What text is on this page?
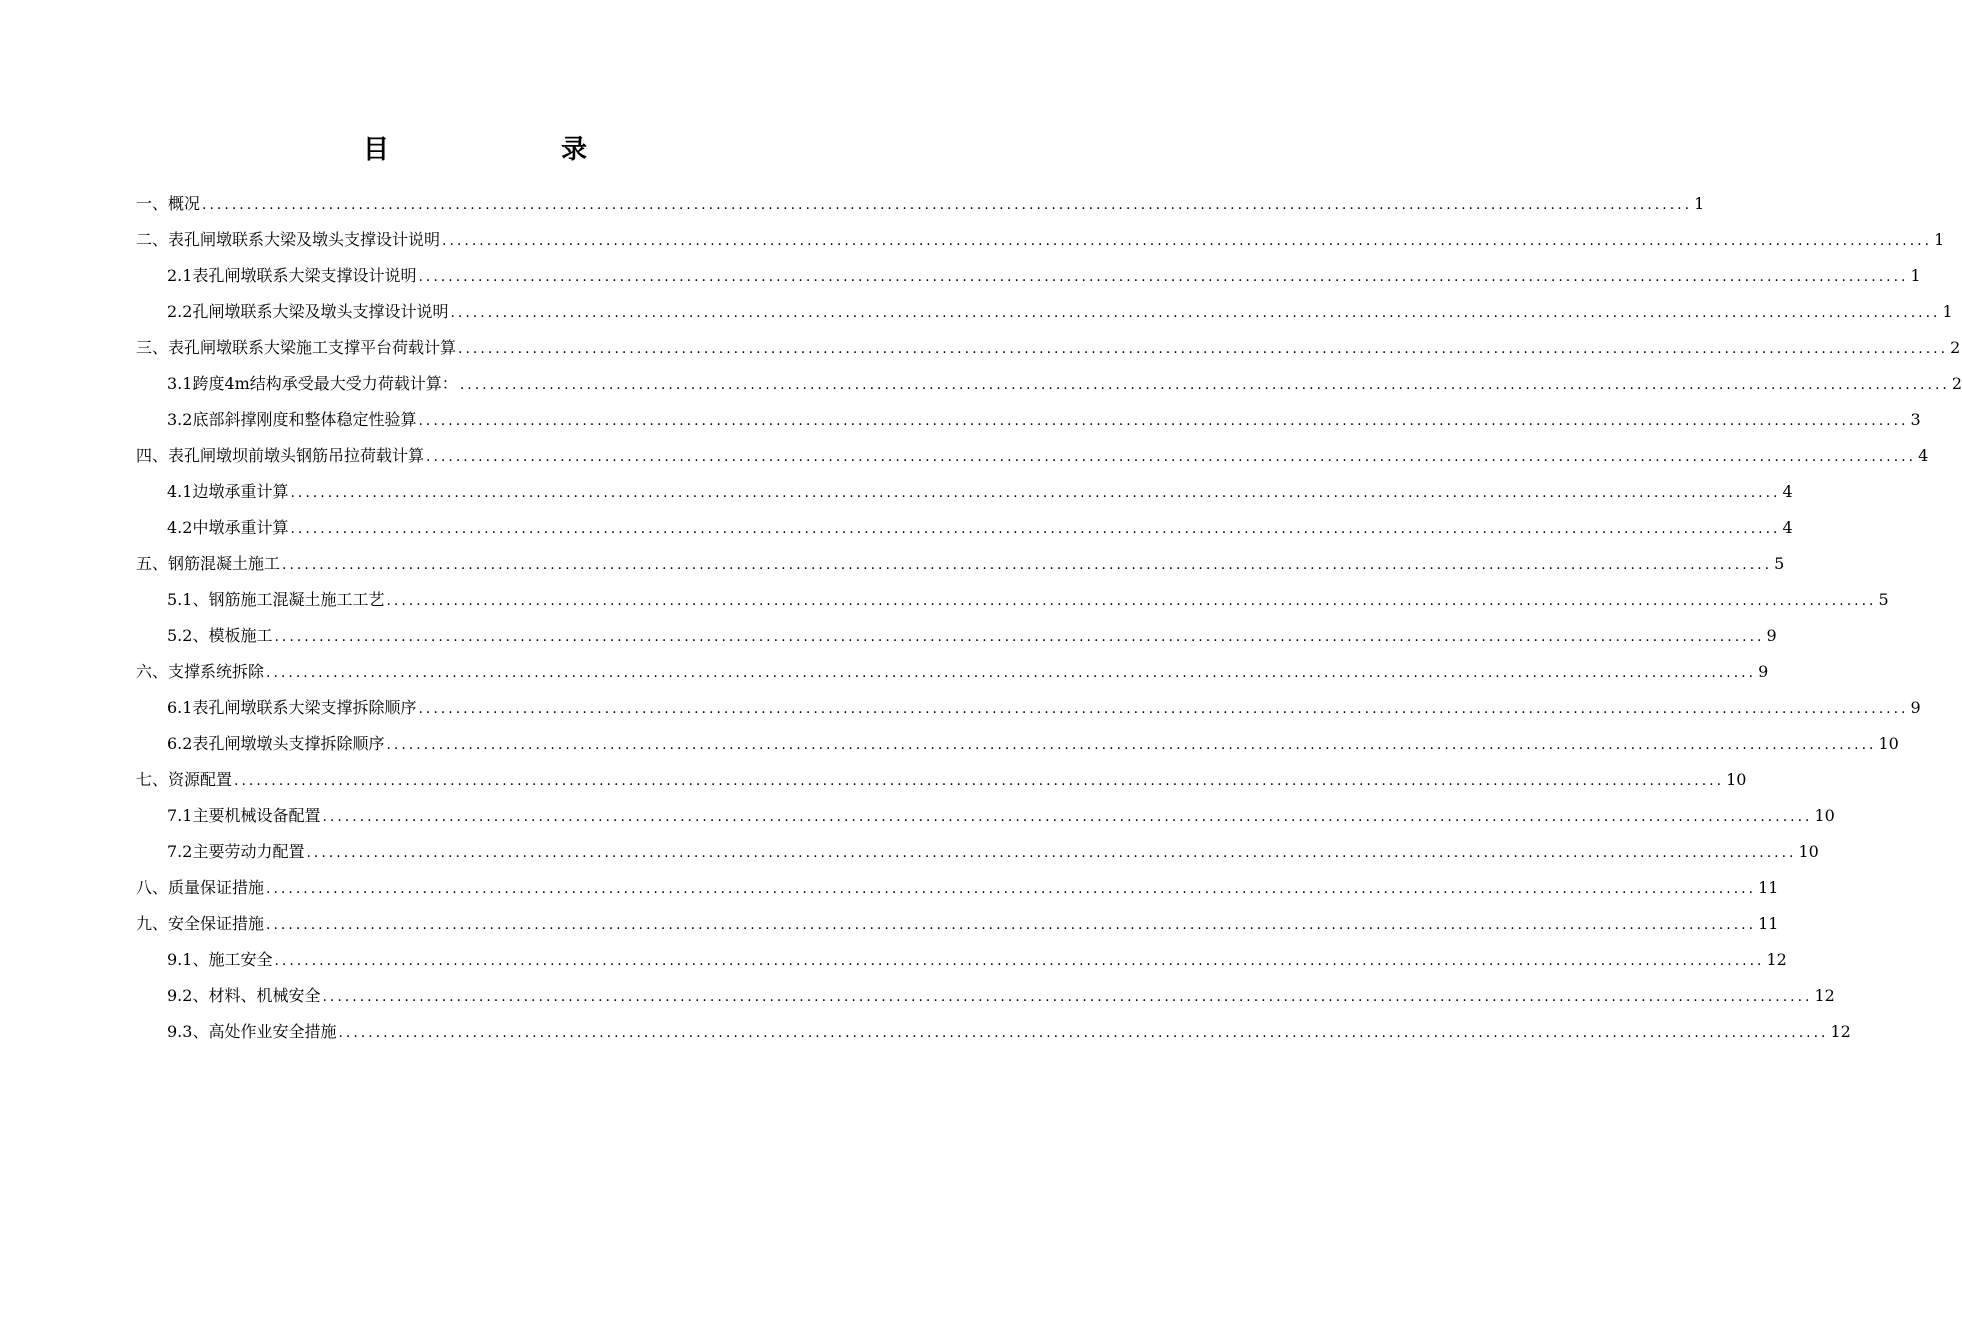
目　　录
一、概况 ........................................................................................................................................................................................................ 1
二、表孔闸墩联系大梁及墩头支撑设计说明 ........................................................................................................................................................................................................ 1
2.1表孔闸墩联系大梁支撑设计说明 ........................................................................................................................................................................................................ 1
2.2孔闸墩联系大梁及墩头支撑设计说明 ........................................................................................................................................................................................................ 1
三、表孔闸墩联系大梁施工支撑平台荷载计算 ........................................................................................................................................................................................................ 2
3.1跨度4m结构承受最大受力荷载计算： ........................................................................................................................................................................................................ 2
3.2底部斜撑刚度和整体稳定性验算 ........................................................................................................................................................................................................ 3
四、表孔闸墩坝前墩头钢筋吊拉荷载计算 ........................................................................................................................................................................................................ 4
4.1边墩承重计算 ........................................................................................................................................................................................................ 4
4.2中墩承重计算 ........................................................................................................................................................................................................ 4
五、钢筋混凝土施工 ........................................................................................................................................................................................................ 5
5.1、钢筋施工混凝土施工工艺 ........................................................................................................................................................................................................ 5
5.2、模板施工 ........................................................................................................................................................................................................ 9
六、支撑系统拆除 ........................................................................................................................................................................................................ 9
6.1表孔闸墩联系大梁支撑拆除顺序 ........................................................................................................................................................................................................ 9
6.2表孔闸墩墩头支撑拆除顺序 ........................................................................................................................................................................................................ 10
七、资源配置 ........................................................................................................................................................................................................ 10
7.1主要机械设备配置 ........................................................................................................................................................................................................ 10
7.2主要劳动力配置 ........................................................................................................................................................................................................ 10
八、质量保证措施 ........................................................................................................................................................................................................ 11
九、安全保证措施 ........................................................................................................................................................................................................ 11
9.1、施工安全 ........................................................................................................................................................................................................ 12
9.2、材料、机械安全 ........................................................................................................................................................................................................ 12
9.3、高处作业安全措施 ........................................................................................................................................................................................................ 12
